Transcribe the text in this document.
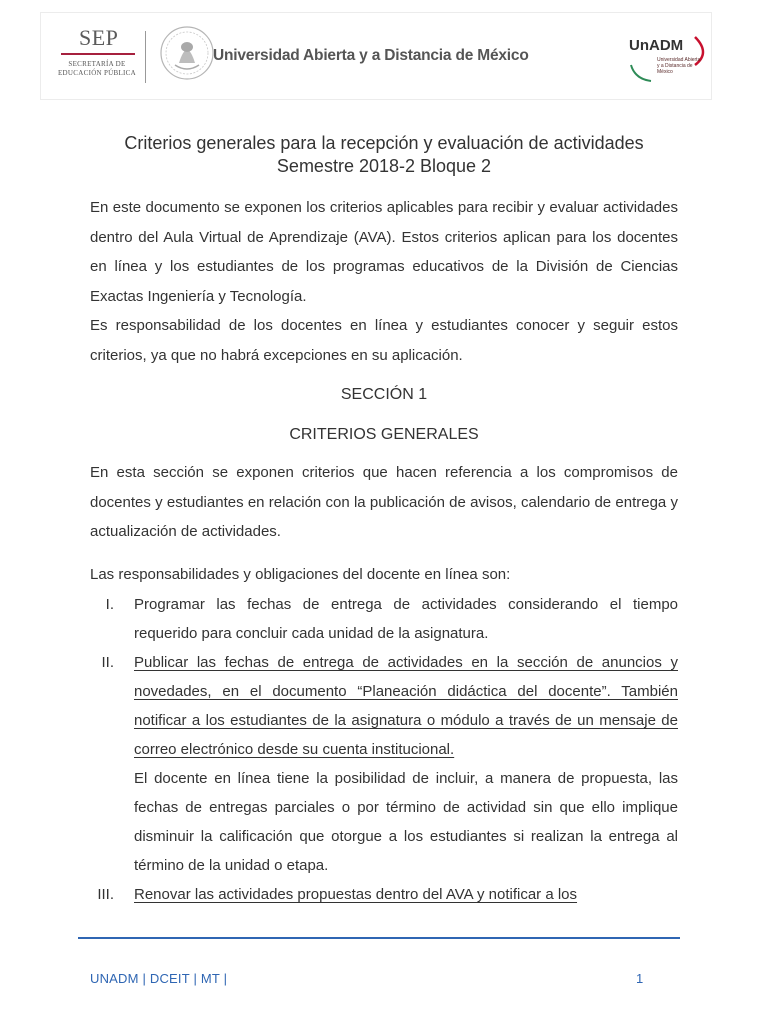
SEP
SECRETARÍA DE EDUCACIÓN PÚBLICA
Universidad Abierta y a Distancia de México
UnADM
Universidad Abierta y a Distancia de México
Criterios generales para la recepción y evaluación de actividades
Semestre 2018-2 Bloque 2

En este documento se exponen los criterios aplicables para recibir y evaluar actividades dentro del Aula Virtual de Aprendizaje (AVA). Estos criterios aplican para los docentes en línea y los estudiantes de los programas educativos de la División de Ciencias Exactas Ingeniería y Tecnología.

Es responsabilidad de los docentes en línea y estudiantes conocer y seguir estos criterios, ya que no habrá excepciones en su aplicación.

SECCIÓN 1

CRITERIOS GENERALES

En esta sección se exponen criterios que hacen referencia a los compromisos de docentes y estudiantes en relación con la publicación de avisos, calendario de entrega y actualización de actividades.

Las responsabilidades y obligaciones del docente en línea son:

I. Programar las fechas de entrega de actividades considerando el tiempo requerido para concluir cada unidad de la asignatura.
II. Publicar las fechas de entrega de actividades en la sección de anuncios y novedades, en el documento “Planeación didáctica del docente”. También notificar a los estudiantes de la asignatura o módulo a través de un mensaje de correo electrónico desde su cuenta institucional.
El docente en línea tiene la posibilidad de incluir, a manera de propuesta, las fechas de entregas parciales o por término de actividad sin que ello implique disminuir la calificación que otorgue a los estudiantes si realizan la entrega al término de la unidad o etapa.
III. Renovar las actividades propuestas dentro del AVA y notificar a los
UNADM | DCEIT | MT |	1
